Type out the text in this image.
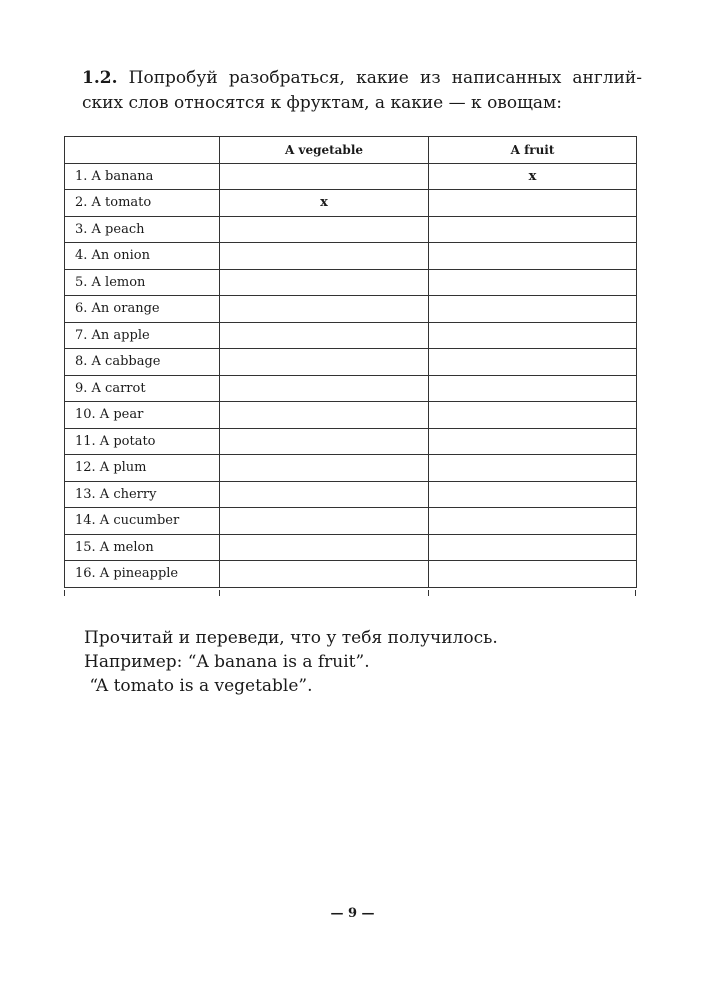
1.2. Попробуй разобраться, какие из написанных англий-
ских слов относятся к фруктам, а какие — к овощам:
	A vegetable	A fruit
1. A banana		x
2. A tomato	x	
3. A peach		
4. An onion		
5. A lemon		
6. An orange		
7. An apple		
8. A cabbage		
9. A carrot		
10. A pear		
11. A potato		
12. A plum		
13. A cherry		
14. A cucumber		
15. A melon		
16. A pineapple		
Прочитай и переведи, что у тебя получилось.
Например: “A banana is a fruit”.
“A tomato is a vegetable”.
— 9 —
